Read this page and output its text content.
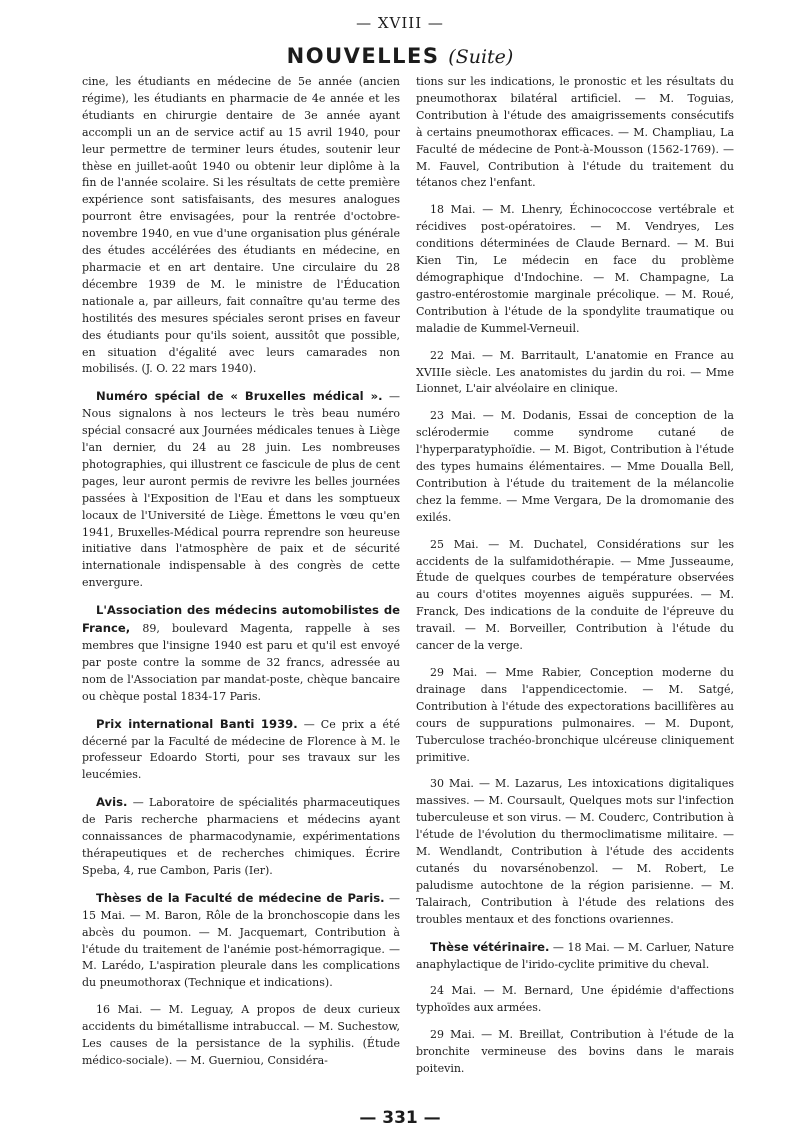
— XVIII —
NOUVELLES (Suite)

cine, les étudiants en médecine de 5e année (ancien régime), les étudiants en pharmacie de 4e année et les étudiants en chirurgie dentaire de 3e année ayant accompli un an de service actif au 15 avril 1940, pour leur permettre de terminer leurs études, soutenir leur thèse en juillet-août 1940 ou obtenir leur diplôme à la fin de l'année scolaire. Si les résultats de cette première expérience sont satisfaisants, des mesures analogues pourront être envisagées, pour la rentrée d'octobre-novembre 1940, en vue d'une organisation plus générale des études accélérées des étudiants en médecine, en pharmacie et en art dentaire. Une circulaire du 28 décembre 1939 de M. le ministre de l'Éducation nationale a, par ailleurs, fait connaître qu'au terme des hostilités des mesures spéciales seront prises en faveur des étudiants pour qu'ils soient, aussitôt que possible, en situation d'égalité avec leurs camarades non mobilisés. (J. O. 22 mars 1940).

Numéro spécial de « Bruxelles médical ». — Nous signalons à nos lecteurs le très beau numéro spécial consacré aux Journées médicales tenues à Liège l'an dernier, du 24 au 28 juin. Les nombreuses photographies, qui illustrent ce fascicule de plus de cent pages, leur auront permis de revivre les belles journées passées à l'Exposition de l'Eau et dans les somptueux locaux de l'Université de Liège. Émettons le vœu qu'en 1941, Bruxelles-Médical pourra reprendre son heureuse initiative dans l'atmosphère de paix et de sécurité internationale indispensable à des congrès de cette envergure.

L'Association des médecins automobilistes de France, 89, boulevard Magenta, rappelle à ses membres que l'insigne 1940 est paru et qu'il est envoyé par poste contre la somme de 32 francs, adressée au nom de l'Association par mandat-poste, chèque bancaire ou chèque postal 1834-17 Paris.

Prix international Banti 1939. — Ce prix a été décerné par la Faculté de médecine de Florence à M. le professeur Edoardo Storti, pour ses travaux sur les leucémies.

Avis. — Laboratoire de spécialités pharmaceutiques de Paris recherche pharmaciens et médecins ayant connaissances de pharmacodynamie, expérimentations thérapeutiques et de recherches chimiques. Écrire Speba, 4, rue Cambon, Paris (Ier).

Thèses de la Faculté de médecine de Paris. — 15 Mai. — M. Baron, Rôle de la bronchoscopie dans les abcès du poumon. — M. Jacquemart, Contribution à l'étude du traitement de l'anémie post-hémorragique. — M. Larédo, L'aspiration pleurale dans les complications du pneumothorax (Technique et indications).

16 Mai. — M. Leguay, A propos de deux curieux accidents du bimétallisme intrabuccal. — M. Suchestow, Les causes de la persistance de la syphilis. (Étude médico-sociale). — M. Guerniou, Considéra-

tions sur les indications, le pronostic et les résultats du pneumothorax bilatéral artificiel. — M. Toguias, Contribution à l'étude des amaigrissements consécutifs à certains pneumothorax efficaces. — M. Champliau, La Faculté de médecine de Pont-à-Mousson (1562-1769). — M. Fauvel, Contribution à l'étude du traitement du tétanos chez l'enfant.

18 Mai. — M. Lhenry, Échinococcose vertébrale et récidives post-opératoires. — M. Vendryes, Les conditions déterminées de Claude Bernard. — M. Bui Kien Tin, Le médecin en face du problème démographique d'Indochine. — M. Champagne, La gastro-entérostomie marginale précolique. — M. Roué, Contribution à l'étude de la spondylite traumatique ou maladie de Kummel-Verneuil.

22 Mai. — M. Barritault, L'anatomie en France au XVIIIe siècle. Les anatomistes du jardin du roi. — Mme Lionnet, L'air alvéolaire en clinique.

23 Mai. — M. Dodanis, Essai de conception de la sclérodermie comme syndrome cutané de l'hyperparatyphoïdie. — M. Bigot, Contribution à l'étude des types humains élémentaires. — Mme Doualla Bell, Contribution à l'étude du traitement de la mélancolie chez la femme. — Mme Vergara, De la dromomanie des exilés.

25 Mai. — M. Duchatel, Considérations sur les accidents de la sulfamidothérapie. — Mme Jusseaume, Étude de quelques courbes de température observées au cours d'otites moyennes aiguës suppurées. — M. Franck, Des indications de la conduite de l'épreuve du travail. — M. Borveiller, Contribution à l'étude du cancer de la verge.

29 Mai. — Mme Rabier, Conception moderne du drainage dans l'appendicectomie. — M. Satgé, Contribution à l'étude des expectorations bacillifères au cours de suppurations pulmonaires. — M. Dupont, Tuberculose trachéo-bronchique ulcéreuse cliniquement primitive.

30 Mai. — M. Lazarus, Les intoxications digitaliques massives. — M. Coursault, Quelques mots sur l'infection tuberculeuse et son virus. — M. Couderc, Contribution à l'étude de l'évolution du thermoclimatisme militaire. — M. Wendlandt, Contribution à l'étude des accidents cutanés du novarsénobenzol. — M. Robert, Le paludisme autochtone de la région parisienne. — M. Talairach, Contribution à l'étude des relations des troubles mentaux et des fonctions ovariennes.

Thèse vétérinaire. — 18 Mai. — M. Carluer, Nature anaphylactique de l'irido-cyclite primitive du cheval.

24 Mai. — M. Bernard, Une épidémie d'affections typhoïdes aux armées.

29 Mai. — M. Breillat, Contribution à l'étude de la bronchite vermineuse des bovins dans le marais poitevin.

— 331 —
